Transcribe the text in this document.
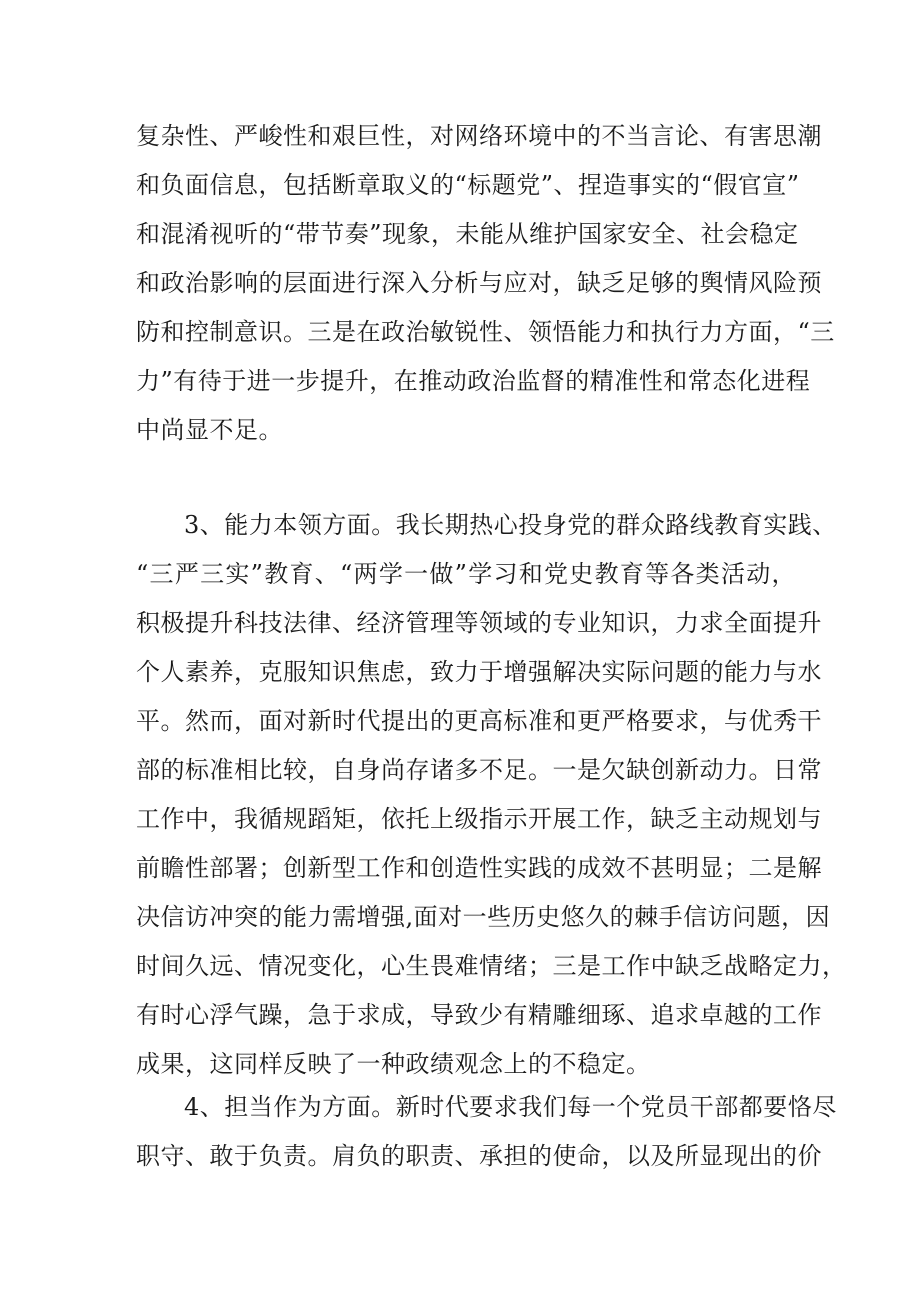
复杂性、严峻性和艰巨性，对网络环境中的不当言论、有害思潮
和负面信息，包括断章取义的“标题党”、捏造事实的“假官宣”
和混淆视听的“带节奏”现象，未能从维护国家安全、社会稳定
和政治影响的层面进行深入分析与应对，缺乏足够的舆情风险预
防和控制意识。三是在政治敏锐性、领悟能力和执行力方面，“三
力”有待于进一步提升，在推动政治监督的精准性和常态化进程
中尚显不足。
3、能力本领方面。我长期热心投身党的群众路线教育实践、
“三严三实”教育、“两学一做”学习和党史教育等各类活动，
积极提升科技法律、经济管理等领域的专业知识，力求全面提升
个人素养，克服知识焦虑，致力于增强解决实际问题的能力与水
平。然而，面对新时代提出的更高标准和更严格要求，与优秀干
部的标准相比较，自身尚存诸多不足。一是欠缺创新动力。日常
工作中，我循规蹈矩，依托上级指示开展工作，缺乏主动规划与
前瞻性部署；创新型工作和创造性实践的成效不甚明显；二是解
决信访冲突的能力需增强,面对一些历史悠久的棘手信访问题，因
时间久远、情况变化，心生畏难情绪；三是工作中缺乏战略定力，
有时心浮气躁，急于求成，导致少有精雕细琢、追求卓越的工作
成果，这同样反映了一种政绩观念上的不稳定。
4、担当作为方面。新时代要求我们每一个党员干部都要恪尽
职守、敢于负责。肩负的职责、承担的使命，以及所显现出的价
